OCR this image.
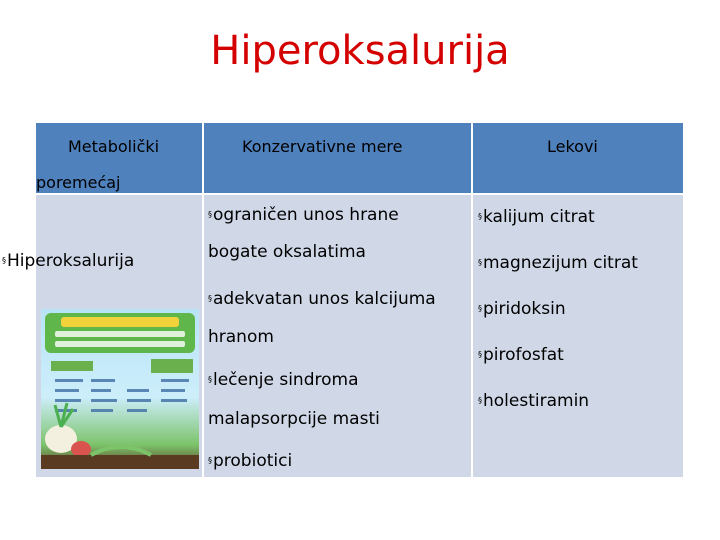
Hiperoksalurija
Metabolički
poremećaj
Konzervativne mere	Lekovi
§Hiperoksalurija
§ograničen unos hrane
bogate oksalatima
§adekvatan unos kalcijuma
hranom
§lečenje sindroma
malapsorpcije masti
§probiotici
§kalijum citrat
§magnezijum citrat
§piridoksin
§pirofosfat
§holestiramin
